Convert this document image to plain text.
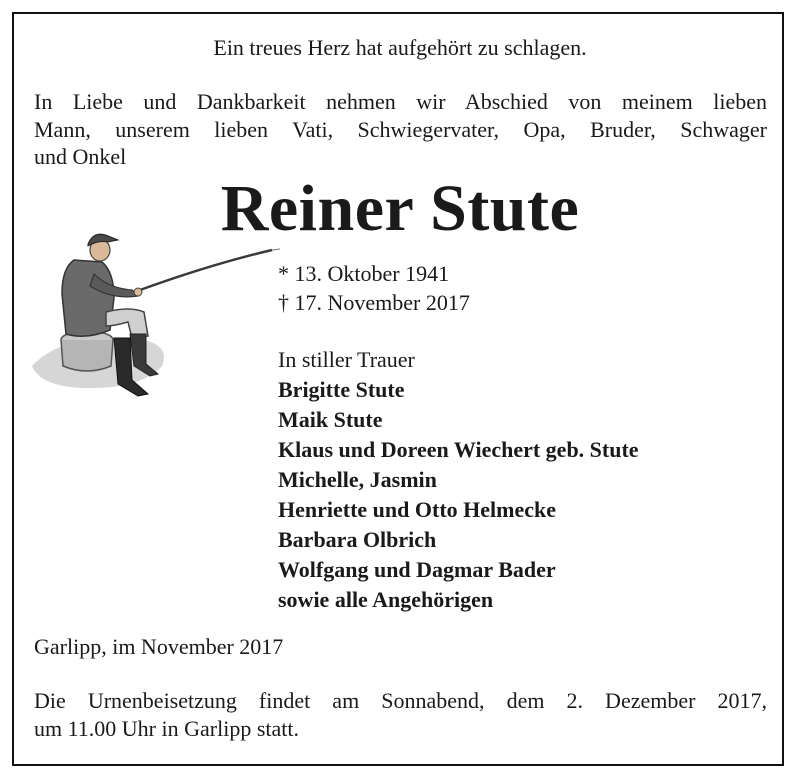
Ein treues Herz hat aufgehört zu schlagen.
In Liebe und Dankbarkeit nehmen wir Abschied von meinem lieben
Mann, unserem lieben Vati, Schwiegervater, Opa, Bruder, Schwager
und Onkel
Reiner Stute
* 13. Oktober 1941
† 17. November 2017
In stiller Trauer
Brigitte Stute
Maik Stute
Klaus und Doreen Wiechert geb. Stute
Michelle, Jasmin
Henriette und Otto Helmecke
Barbara Olbrich
Wolfgang und Dagmar Bader
sowie alle Angehörigen
Garlipp, im November 2017
Die Urnenbeisetzung findet am Sonnabend, dem 2. Dezember 2017,
um 11.00 Uhr in Garlipp statt.
